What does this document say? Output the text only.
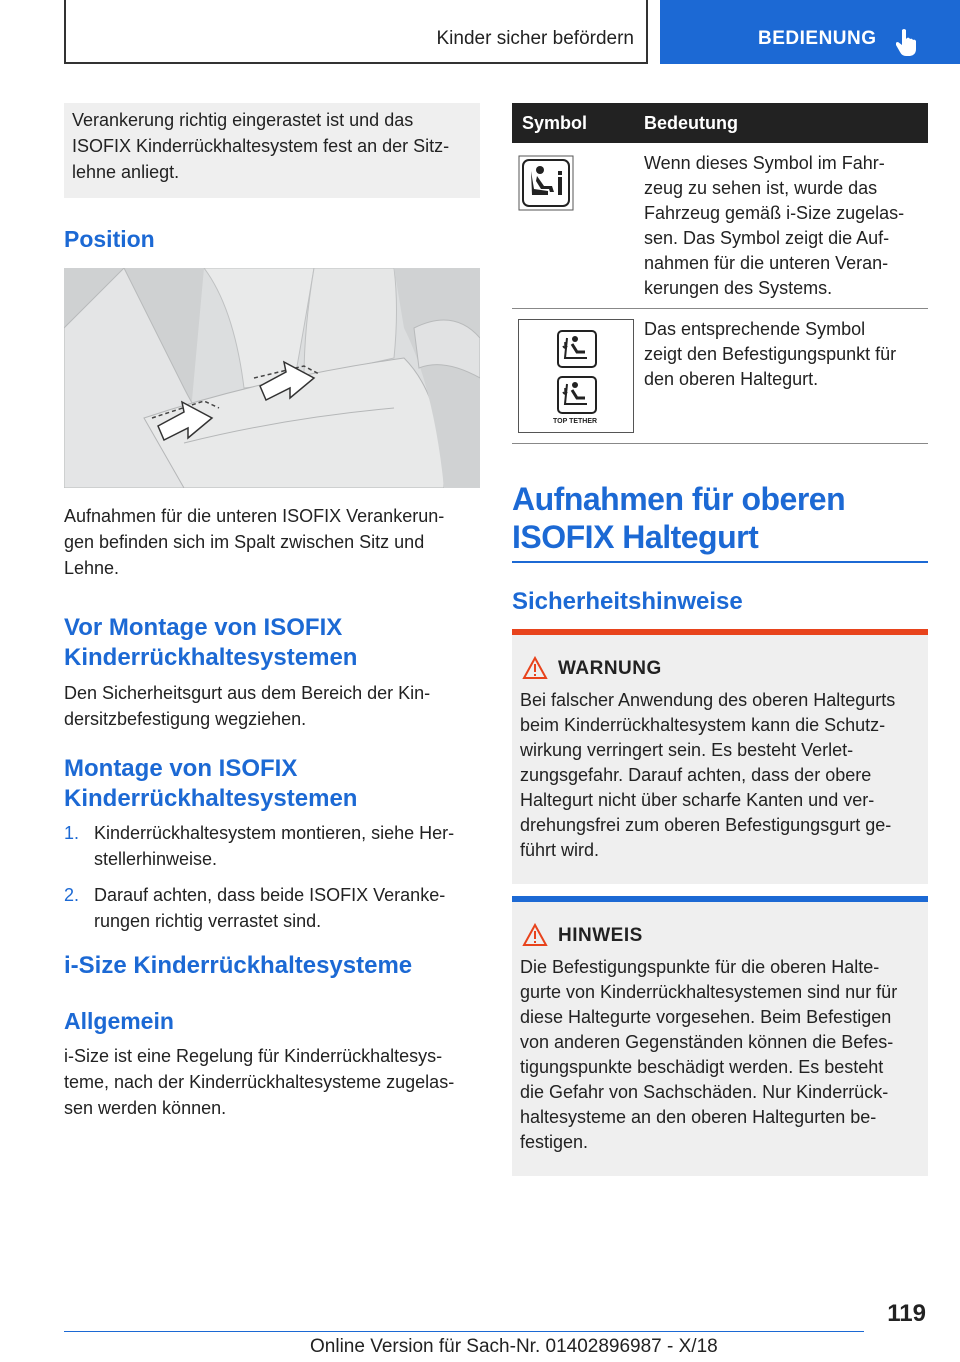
Kinder sicher befördern	BEDIENUNG
Verankerung richtig eingerastet ist und das
ISOFIX Kinderrückhaltesystem fest an der Sitz‐
lehne anliegt.
Position
Aufnahmen für die unteren ISOFIX Verankerun‐
gen befinden sich im Spalt zwischen Sitz und
Lehne.
Vor Montage von ISOFIX
Kinderrückhaltesystemen
Den Sicherheitsgurt aus dem Bereich der Kin‐
dersitzbefestigung wegziehen.
Montage von ISOFIX
Kinderrückhaltesystemen
1. Kinderrückhaltesystem montieren, siehe Her‐
stellerhinweise.
2. Darauf achten, dass beide ISOFIX Veranke‐
rungen richtig verrastet sind.
i-Size Kinderrückhaltesysteme
Allgemein
i-Size ist eine Regelung für Kinderrückhaltesys‐
teme, nach der Kinderrückhaltesysteme zugelas‐
sen werden können.
Symbol	Bedeutung
Wenn dieses Symbol im Fahr‐
zeug zu sehen ist, wurde das
Fahrzeug gemäß i-Size zugelas‐
sen. Das Symbol zeigt die Auf‐
nahmen für die unteren Veran‐
kerungen des Systems.
TOP TETHER
Das entsprechende Symbol
zeigt den Befestigungspunkt für
den oberen Haltegurt.
Aufnahmen für oberen
ISOFIX Haltegurt
Sicherheitshinweise
WARNUNG
Bei falscher Anwendung des oberen Haltegurts
beim Kinderrückhaltesystem kann die Schutz‐
wirkung verringert sein. Es besteht Verlet‐
zungsgefahr. Darauf achten, dass der obere
Haltegurt nicht über scharfe Kanten und ver‐
drehungsfrei zum oberen Befestigungsgurt ge‐
führt wird.
HINWEIS
Die Befestigungspunkte für die oberen Halte‐
gurte von Kinderrückhaltesystemen sind nur für
diese Haltegurte vorgesehen. Beim Befestigen
von anderen Gegenständen können die Befes‐
tigungspunkte beschädigt werden. Es besteht
die Gefahr von Sachschäden. Nur Kinderrück‐
haltesysteme an den oberen Haltegurten be‐
festigen.
119
Online Version für Sach-Nr. 01402896987 - X/18
